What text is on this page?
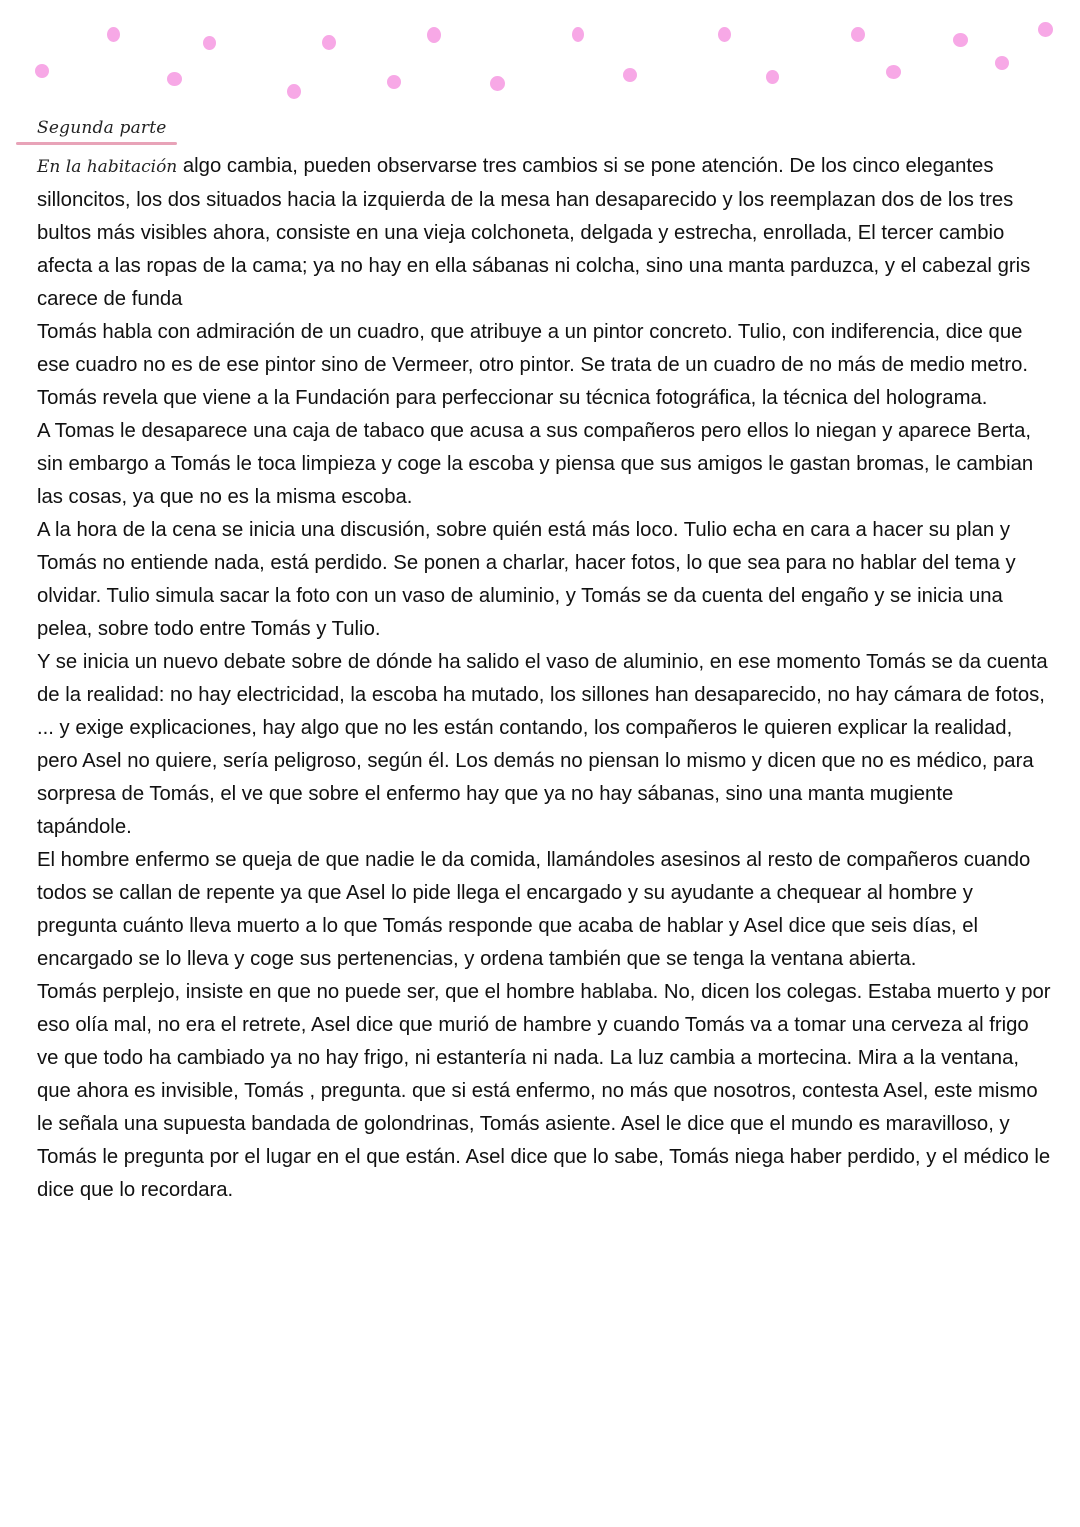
Segunda parte

En la habitación algo cambia, pueden observarse tres cambios si se pone atención. De los cinco elegantes silloncitos, los dos situados hacia la izquierda de la mesa han desaparecido y los reemplazan dos de los tres bultos más visibles ahora, consiste en una vieja colchoneta, delgada y estrecha, enrollada, El tercer cambio afecta a las ropas de la cama; ya no hay en ella sábanas ni colcha, sino una manta parduzca, y el cabezal gris carece de funda

Tomás habla con admiración de un cuadro, que atribuye a un pintor concreto. Tulio, con indiferencia, dice que ese cuadro no es de ese pintor sino de Vermeer, otro pintor. Se trata de un cuadro de no más de medio metro.

Tomás revela que viene a la Fundación para perfeccionar su técnica fotográfica, la técnica del holograma.

A Tomas le desaparece una caja de tabaco que acusa a sus compañeros pero ellos lo niegan y aparece Berta, sin embargo a Tomás le toca limpieza y coge la escoba y piensa que sus amigos le gastan bromas, le cambian las cosas, ya que no es la misma escoba.

A la hora de la cena se inicia una discusión, sobre quién está más loco. Tulio echa en cara a hacer su plan y Tomás no entiende nada, está perdido. Se ponen a charlar, hacer fotos, lo que sea para no hablar del tema y olvidar. Tulio simula sacar la foto con un vaso de aluminio, y Tomás se da cuenta del engaño y se inicia una pelea, sobre todo entre Tomás y Tulio.

Y se inicia un nuevo debate sobre de dónde ha salido el vaso de aluminio, en ese momento Tomás se da cuenta de la realidad: no hay electricidad, la escoba ha mutado, los sillones han desaparecido, no hay cámara de fotos, ... y exige explicaciones, hay algo que no les están contando, los compañeros le quieren explicar la realidad, pero Asel no quiere, sería peligroso, según él. Los demás no piensan lo mismo y dicen que no es médico, para sorpresa de Tomás, el ve que sobre el enfermo hay que ya no hay sábanas, sino una manta mugiente tapándole.

El hombre enfermo se queja de que nadie le da comida, llamándoles asesinos al resto de compañeros cuando todos se callan de repente ya que Asel lo pide llega el encargado y su ayudante a chequear al hombre y pregunta cuánto lleva muerto a lo que Tomás responde que acaba de hablar y Asel dice que seis días, el encargado se lo lleva y coge sus pertenencias, y ordena también que se tenga la ventana abierta.

Tomás perplejo, insiste en que no puede ser, que el hombre hablaba. No, dicen los colegas. Estaba muerto y por eso olía mal, no era el retrete, Asel dice que murió de hambre y cuando Tomás va a tomar una cerveza al frigo ve que todo ha cambiado ya no hay frigo, ni estantería ni nada. La luz cambia a mortecina. Mira a la ventana, que ahora es invisible, Tomás , pregunta. que si está enfermo, no más que nosotros, contesta Asel, este mismo le señala una supuesta bandada de golondrinas, Tomás asiente. Asel le dice que el mundo es maravilloso, y Tomás le pregunta por el lugar en el que están. Asel dice que lo sabe, Tomás niega haber perdido, y el médico le dice que lo recordara.
